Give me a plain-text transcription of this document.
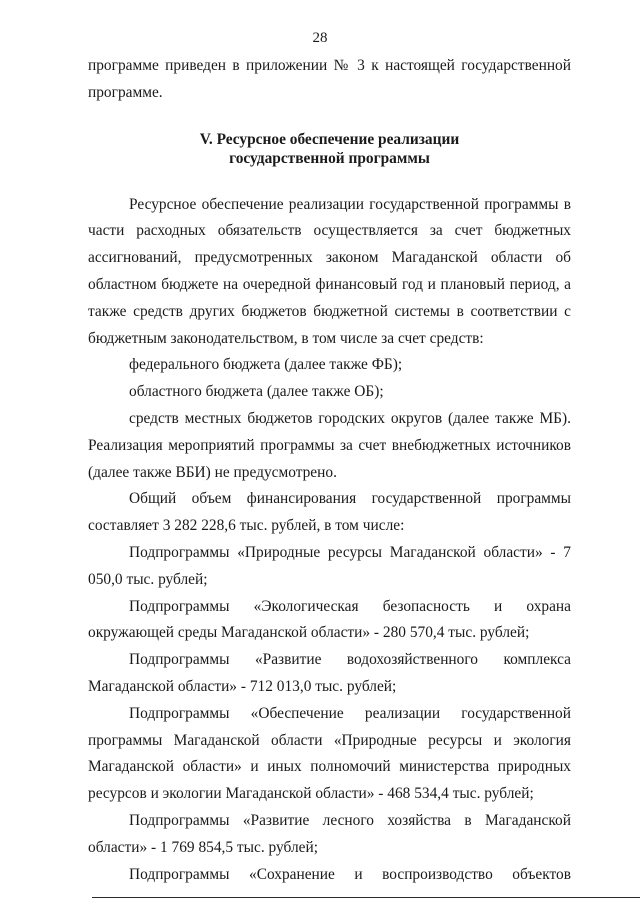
28

программе приведен в приложении № 3 к настоящей государственной программе.

V. Ресурсное обеспечение реализации
государственной программы

Ресурсное обеспечение реализации государственной программы в части расходных обязательств осуществляется за счет бюджетных ассигнований, предусмотренных законом Магаданской области об областном бюджете на очередной финансовый год и плановый период, а также средств других бюджетов бюджетной системы в соответствии с бюджетным законодательством, в том числе за счет средств:

федерального бюджета (далее также ФБ);

областного бюджета (далее также ОБ);

средств местных бюджетов городских округов (далее также МБ). Реализация мероприятий программы за счет внебюджетных источников (далее также ВБИ) не предусмотрено.

Общий объем финансирования государственной программы составляет 3 282 228,6 тыс. рублей, в том числе:

Подпрограммы «Природные ресурсы Магаданской области» - 7 050,0 тыс. рублей;

Подпрограммы «Экологическая безопасность и охрана окружающей среды Магаданской области» - 280 570,4 тыс. рублей;

Подпрограммы «Развитие водохозяйственного комплекса Магаданской области» - 712 013,0 тыс. рублей;

Подпрограммы «Обеспечение реализации государственной программы Магаданской области «Природные ресурсы и экология Магаданской области» и иных полномочий министерства природных ресурсов и экологии Магаданской области» - 468 534,4 тыс. рублей;

Подпрограммы «Развитие лесного хозяйства в Магаданской области» - 1 769 854,5 тыс. рублей;

Подпрограммы «Сохранение и воспроизводство объектов
